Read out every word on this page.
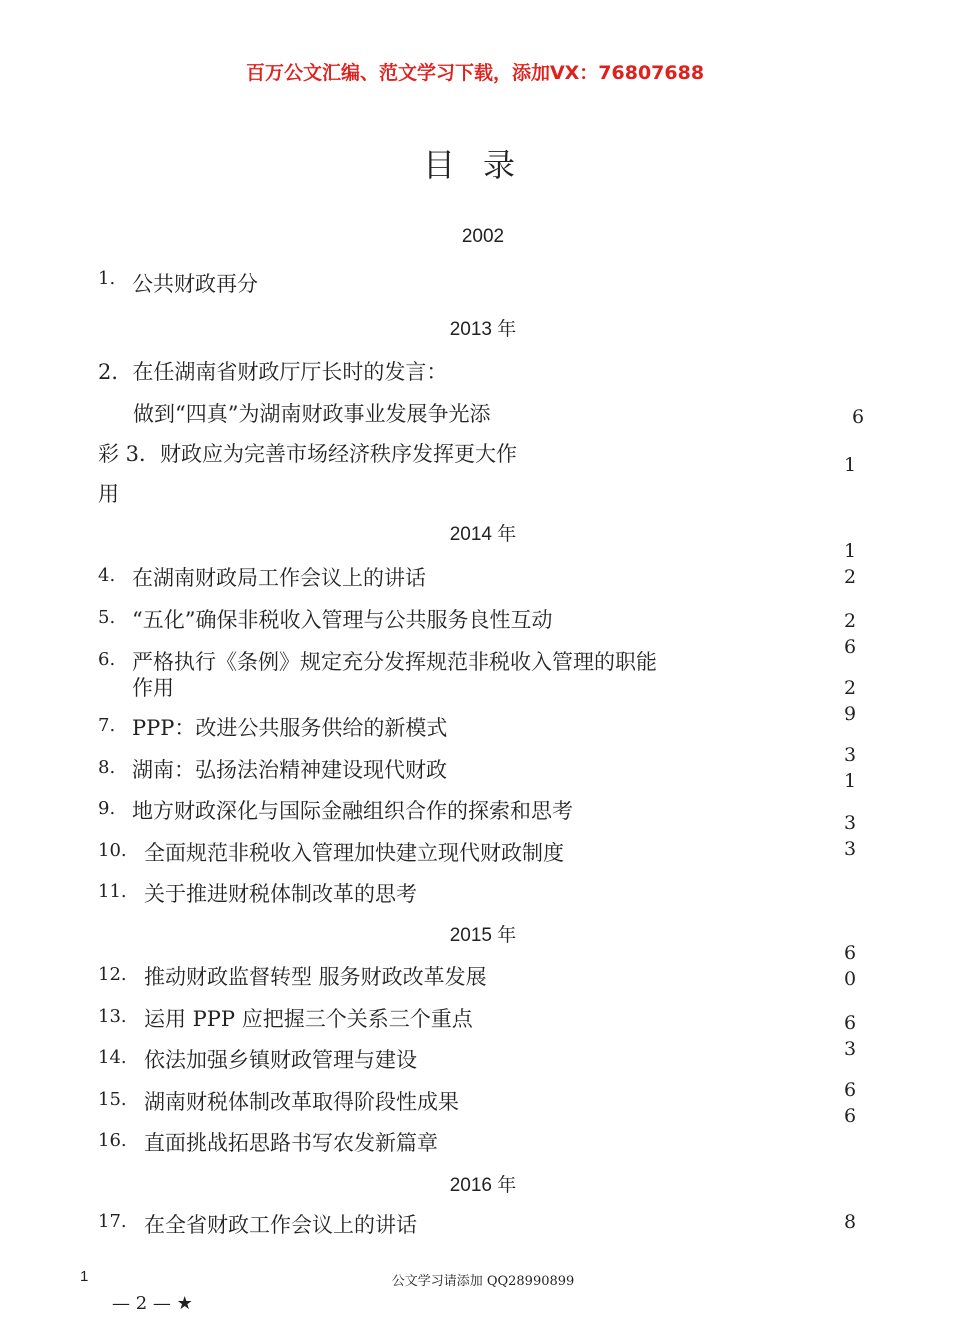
百万公文汇编、范文学习下载，添加VX：76807688
目录
2002
1. 公共财政再分
2013 年
2．在任湖南省财政厅厅长时的发言：
做到“四真”为湖南财政事业发展争光添
彩 3．财政应为完善市场经济秩序发挥更大作
用
6
1
2014 年
4. 在湖南财政局工作会议上的讲话
5. “五化”确保非税收入管理与公共服务良性互动
6. 严格执行《条例》规定充分发挥规范非税收入管理的职能
作用
7. PPP：改进公共服务供给的新模式
8. 湖南：弘扬法治精神建设现代财政
9. 地方财政深化与国际金融组织合作的探索和思考
10. 全面规范非税收入管理加快建立现代财政制度
11. 关于推进财税体制改革的思考
1
2
2
6
2
9
3
1
3
3
2015 年
12. 推动财政监督转型 服务财政改革发展
13. 运用 PPP 应把握三个关系三个重点
14. 依法加强乡镇财政管理与建设
15. 湖南财税体制改革取得阶段性成果
16. 直面挑战拓思路书写农发新篇章
6
0
6
3
6
6
2016 年
17. 在全省财政工作会议上的讲话	8
1	公文学习请添加 QQ28990899
— 2 — ★
